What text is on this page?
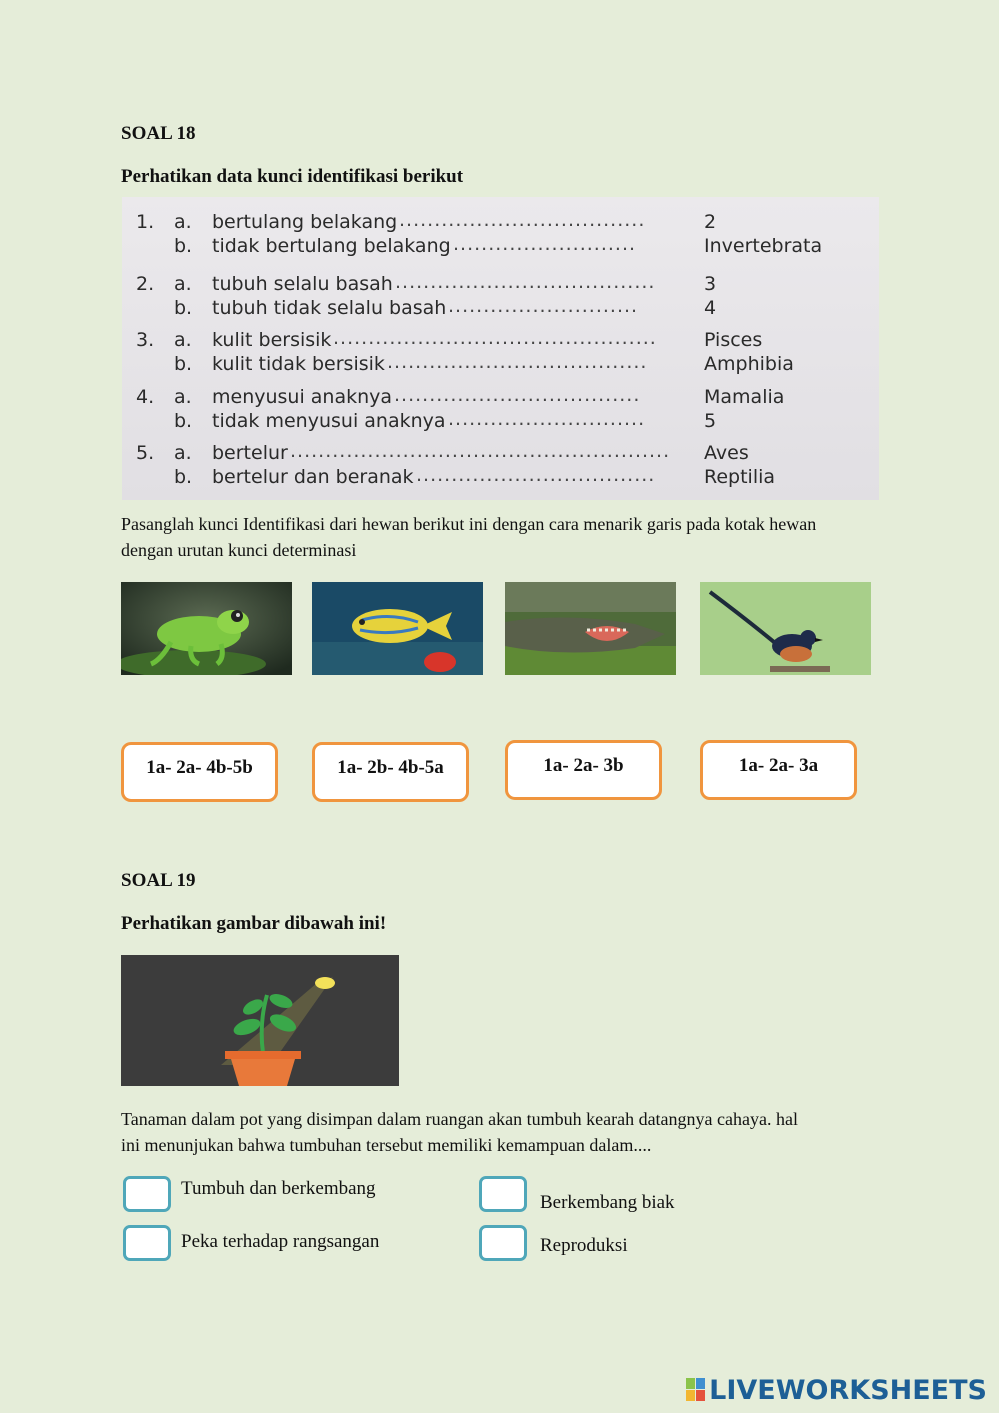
SOAL 18
Perhatikan data kunci identifikasi berikut
1. a. bertulang belakang ...................................	2
b. tidak bertulang belakang ..........................	Invertebrata
2. a. tubuh selalu basah .....................................	3
b. tubuh tidak selalu basah ...........................	4
3. a. kulit bersisik ..............................................	Pisces
b. kulit tidak bersisik .....................................	Amphibia
4. a. menyusui anaknya ...................................	Mamalia
b. tidak menyusui anaknya ............................	5
5. a. bertelur ......................................................	Aves
b. bertelur dan beranak ..................................	Reptilia
Pasanglah kunci Identifikasi dari hewan berikut ini dengan cara menarik garis pada kotak hewan
dengan urutan kunci determinasi
1a- 2a- 4b-5b	1a- 2b- 4b-5a	1a- 2a- 3b	1a- 2a- 3a
SOAL 19
Perhatikan gambar dibawah ini!
Tanaman dalam pot yang disimpan dalam ruangan akan tumbuh kearah datangnya cahaya. hal
ini menunjukan bahwa tumbuhan tersebut memiliki kemampuan dalam....
Tumbuh dan berkembang
Berkembang biak
Peka terhadap rangsangan	Reproduksi
LIVEWORKSHEETS
